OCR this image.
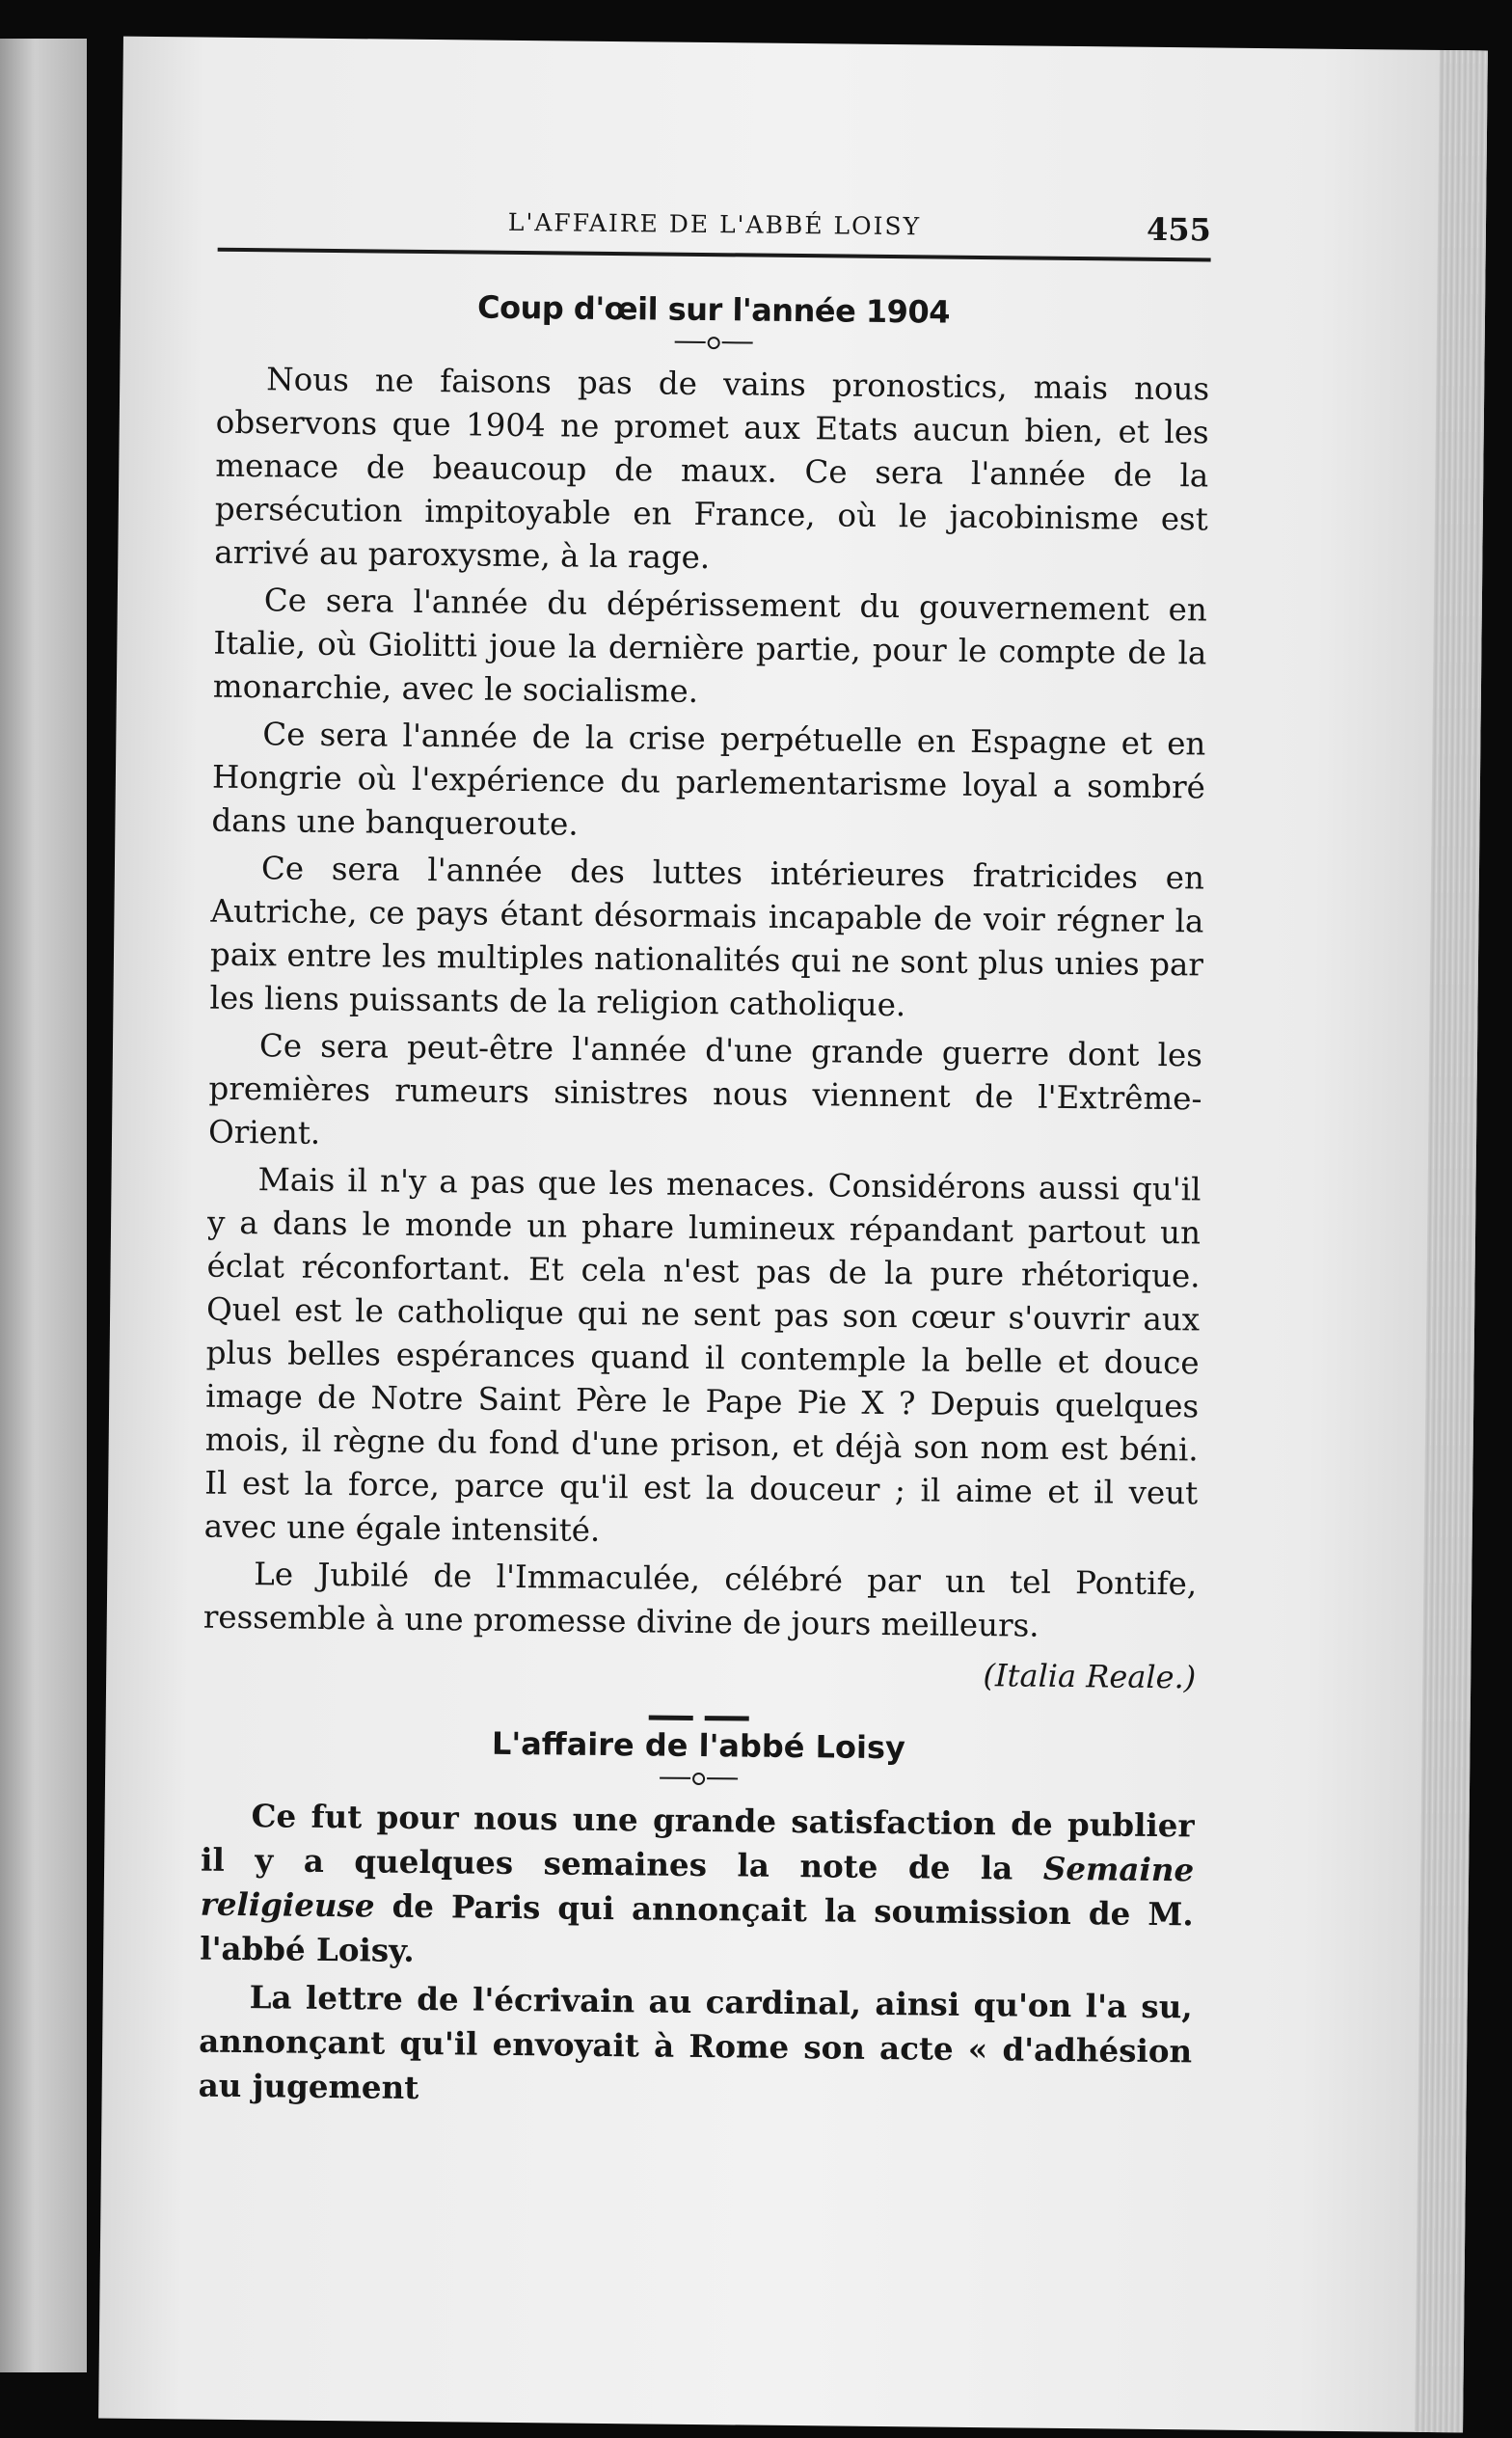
L'AFFAIRE DE L'ABBÉ LOISY	455
Coup d'œil sur l'année 1904

Nous ne faisons pas de vains pronostics, mais nous observons que 1904 ne promet aux Etats aucun bien, et les menace de beaucoup de maux. Ce sera l'année de la persécution impitoyable en France, où le jacobinisme est arrivé au paroxysme, à la rage.

Ce sera l'année du dépérissement du gouvernement en Italie, où Giolitti joue la dernière partie, pour le compte de la monarchie, avec le socialisme.

Ce sera l'année de la crise perpétuelle en Espagne et en Hongrie où l'expérience du parlementarisme loyal a sombré dans une banqueroute.

Ce sera l'année des luttes intérieures fratricides en Autriche, ce pays étant désormais incapable de voir régner la paix entre les multiples nationalités qui ne sont plus unies par les liens puissants de la religion catholique.

Ce sera peut-être l'année d'une grande guerre dont les premières rumeurs sinistres nous viennent de l'Extrême-Orient.

Mais il n'y a pas que les menaces. Considérons aussi qu'il y a dans le monde un phare lumineux répandant partout un éclat réconfortant. Et cela n'est pas de la pure rhétorique. Quel est le catholique qui ne sent pas son cœur s'ouvrir aux plus belles espérances quand il contemple la belle et douce image de Notre Saint Père le Pape Pie X ? Depuis quelques mois, il règne du fond d'une prison, et déjà son nom est béni. Il est la force, parce qu'il est la douceur ; il aime et il veut avec une égale intensité.

Le Jubilé de l'Immaculée, célébré par un tel Pontife, ressemble à une promesse divine de jours meilleurs.

(Italia Reale.)
L'affaire de l'abbé Loisy

Ce fut pour nous une grande satisfaction de publier il y a quelques semaines la note de la Semaine religieuse de Paris qui annonçait la soumission de M. l'abbé Loisy.

La lettre de l'écrivain au cardinal, ainsi qu'on l'a su, annonçant qu'il envoyait à Rome son acte « d'adhésion au jugement
